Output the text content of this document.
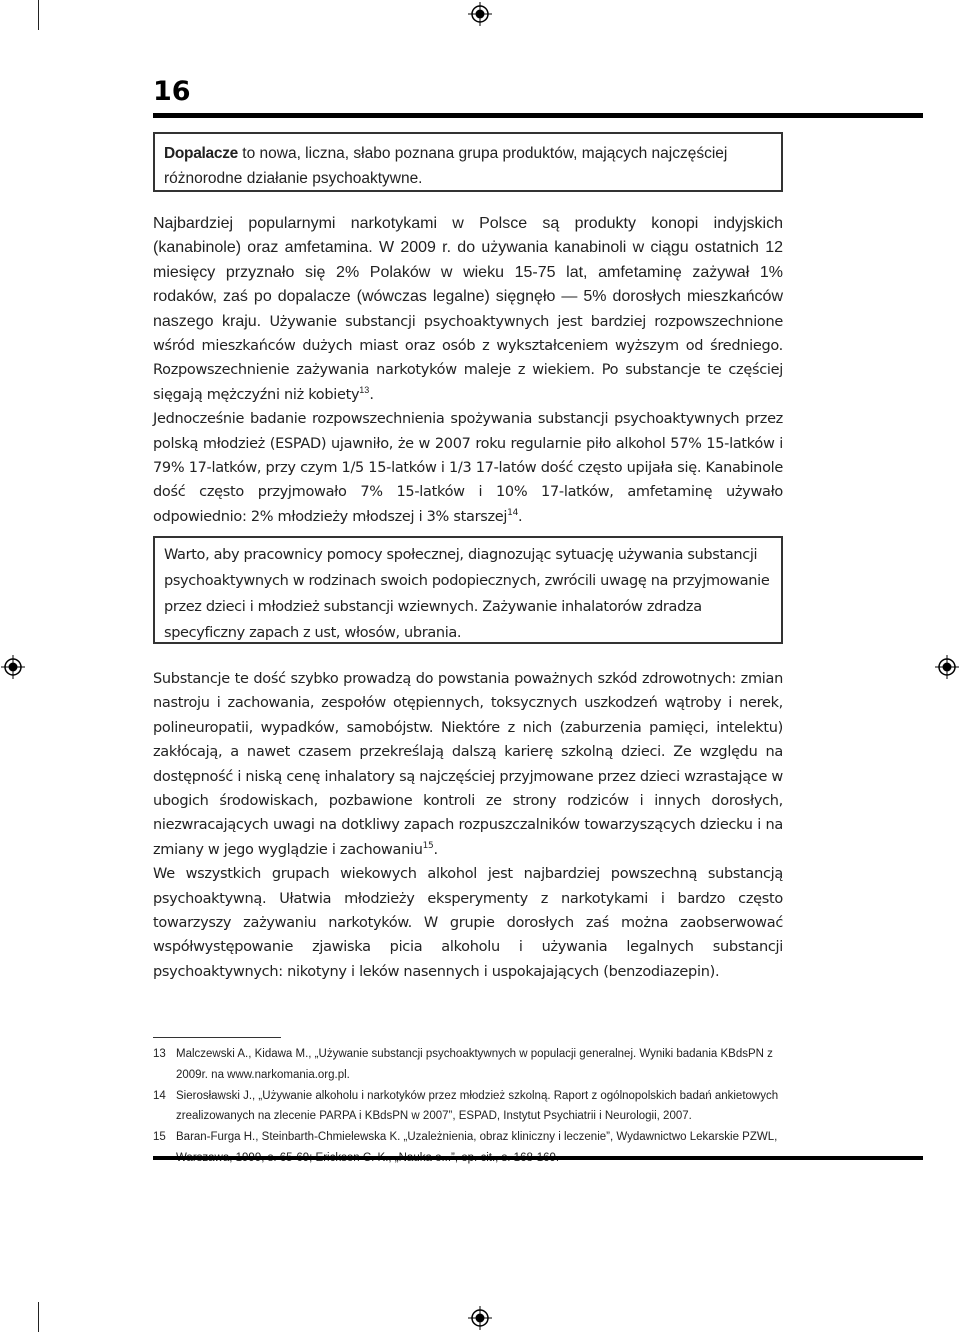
16
Dopalacze to nowa, liczna, słabo poznana grupa produktów, mających najczęściej różnorodne działanie psychoaktywne.

Najbardziej popularnymi narkotykami w Polsce są produkty konopi indyjskich (kanabinole) oraz amfetamina. W 2009 r. do używania kanabinoli w ciągu ostatnich 12 miesięcy przyznało się 2% Polaków w wieku 15-75 lat, amfetaminę zażywał 1% rodaków, zaś po dopalacze (wówczas legalne) sięgnęło — 5% dorosłych mieszkańców naszego kraju. Używanie substancji psychoaktywnych jest bardziej rozpowszechnione wśród mieszkańców dużych miast oraz osób z wykształceniem wyższym od średniego. Rozpowszechnienie zażywania narkotyków maleje z wiekiem. Po substancje te częściej sięgają mężczyźni niż kobiety$^{13}$.

Jednocześnie badanie rozpowszechnienia spożywania substancji psychoaktywnych przez polską młodzież (ESPAD) ujawniło, że w 2007 roku regularnie piło alkohol 57% 15-latków i 79% 17-latków, przy czym 1/5 15-latków i 1/3 17-latów dość często upijała się. Kanabinole dość często przyjmowało 7% 15-latków i 10% 17-latków, amfetaminę używało odpowiednio: 2% młodzieży młodszej i 3% starszej$^{14}$.

Warto, aby pracownicy pomocy społecznej, diagnozując sytuację używania substancji psychoaktywnych w rodzinach swoich podopiecznych, zwrócili uwagę na przyjmowanie przez dzieci i młodzież substancji wziewnych. Zażywanie inhalatorów zdradza specyficzny zapach z ust, włosów, ubrania.

Substancje te dość szybko prowadzą do powstania poważnych szkód zdrowotnych: zmian nastroju i zachowania, zespołów otępiennych, toksycznych uszkodzeń wątroby i nerek, polineuropatii, wypadków, samobójstw. Niektóre z nich (zaburzenia pamięci, intelektu) zakłócają, a nawet czasem przekreślają dalszą karierę szkolną dzieci. Ze względu na dostępność i niską cenę inhalatory są najczęściej przyjmowane przez dzieci wzrastające w ubogich środowiskach, pozbawione kontroli ze strony rodziców i innych dorosłych, niezwracających uwagi na dotkliwy zapach rozpuszczalników towarzyszących dziecku i na zmiany w jego wyglądzie i zachowaniu$^{15}$.

We wszystkich grupach wiekowych alkohol jest najbardziej powszechną substancją psychoaktywną. Ułatwia młodzieży eksperymenty z narkotykami i bardzo często towarzyszy zażywaniu narkotyków. W grupie dorosłych zaś można zaobserwować współwystępowanie zjawiska picia alkoholu i używania legalnych substancji psychoaktywnych: nikotyny i leków nasennych i uspokajających (benzodiazepin).

13 Malczewski A., Kidawa M., „Używanie substancji psychoaktywnych w populacji generalnej. Wyniki badania KBdsPN z 2009r. na www.narkomania.org.pl.
14 Sierosławski J., „Używanie alkoholu i narkotyków przez młodzież szkolną. Raport z ogólnopolskich badań ankietowych zrealizowanych na zlecenie PARPA i KBdsPN w 2007”, ESPAD, Instytut Psychiatrii i Neurologii, 2007.
15 Baran-Furga H., Steinbarth-Chmielewska K. „Uzależnienia, obraz kliniczny i leczenie”, Wydawnictwo Lekarskie PZWL,
